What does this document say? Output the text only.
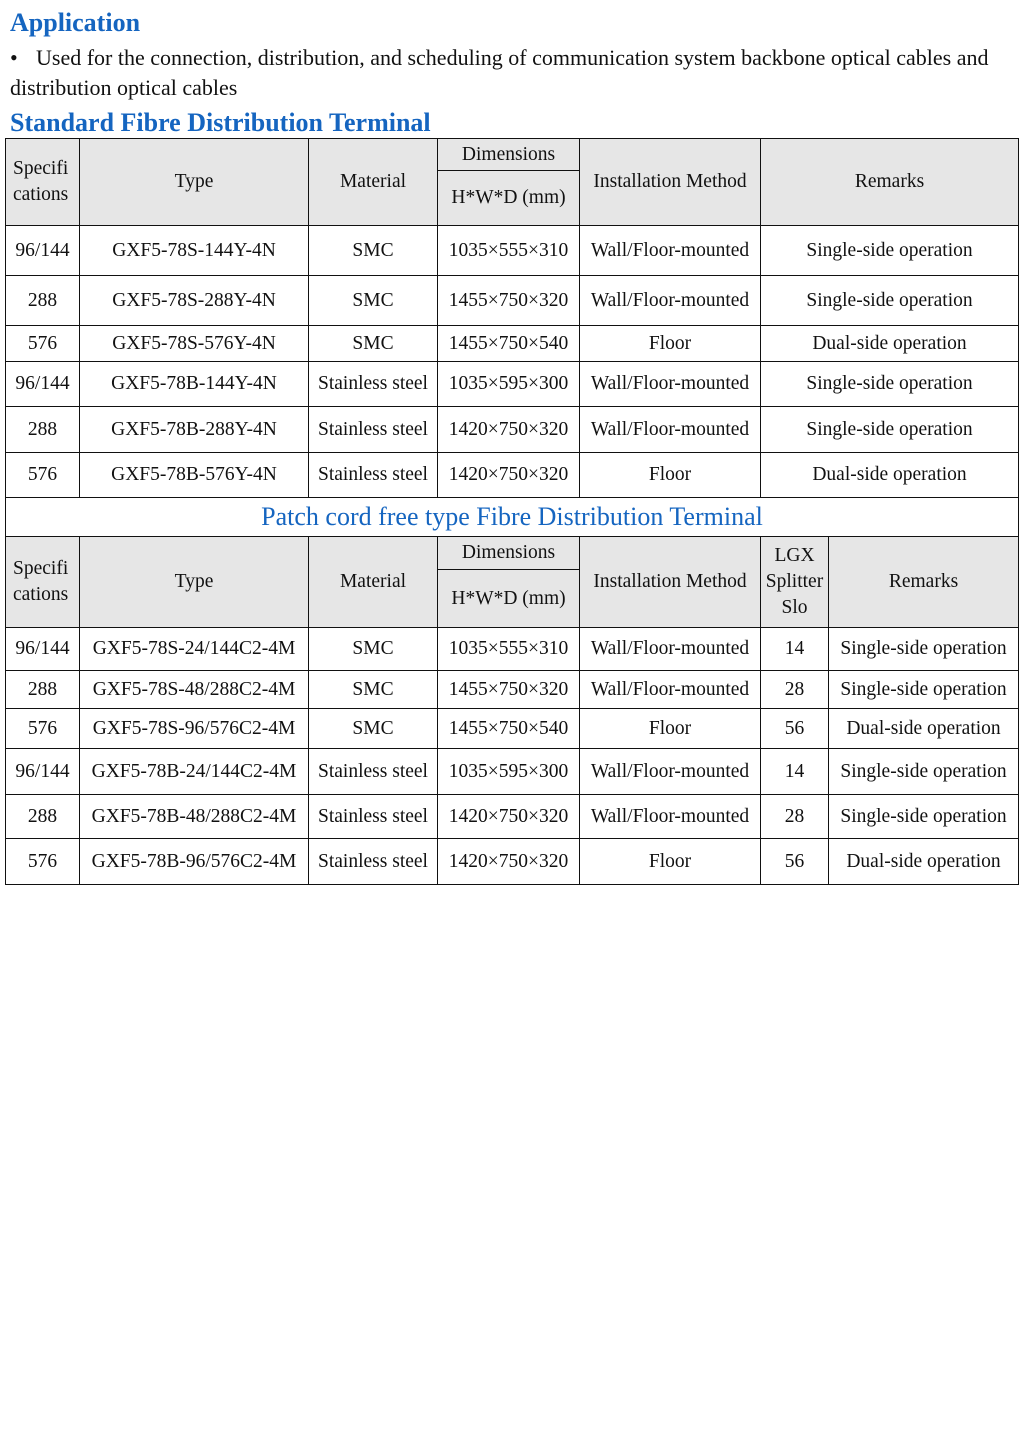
Application
• Used for the connection, distribution, and scheduling of communication system backbone optical cables and distribution optical cables
Standard Fibre Distribution Terminal
Specifi cations	Type	Material	Dimensions	Installation Method	Remarks	
			H*W*D (mm)			
96/144	GXF5-78S-144Y-4N	SMC	1035×555×310	Wall/Floor-mounted	Single-side operation	
288	GXF5-78S-288Y-4N	SMC	1455×750×320	Wall/Floor-mounted	Single-side operation	
576	GXF5-78S-576Y-4N	SMC	1455×750×540	Floor	Dual-side operation	
96/144	GXF5-78B-144Y-4N	Stainless steel	1035×595×300	Wall/Floor-mounted	Single-side operation	
288	GXF5-78B-288Y-4N	Stainless steel	1420×750×320	Wall/Floor-mounted	Single-side operation	
576	GXF5-78B-576Y-4N	Stainless steel	1420×750×320	Floor	Dual-side operation	
Patch cord free type Fibre Distribution Terminal						
Specifi cations	Type	Material	Dimensions	Installation Method	LGX Splitter Slo	Remarks
			H*W*D (mm)			
96/144	GXF5-78S-24/144C2-4M	SMC	1035×555×310	Wall/Floor-mounted	14	Single-side operation
288	GXF5-78S-48/288C2-4M	SMC	1455×750×320	Wall/Floor-mounted	28	Single-side operation
576	GXF5-78S-96/576C2-4M	SMC	1455×750×540	Floor	56	Dual-side operation
96/144	GXF5-78B-24/144C2-4M	Stainless steel	1035×595×300	Wall/Floor-mounted	14	Single-side operation
288	GXF5-78B-48/288C2-4M	Stainless steel	1420×750×320	Wall/Floor-mounted	28	Single-side operation
576	GXF5-78B-96/576C2-4M	Stainless steel	1420×750×320	Floor	56	Dual-side operation
